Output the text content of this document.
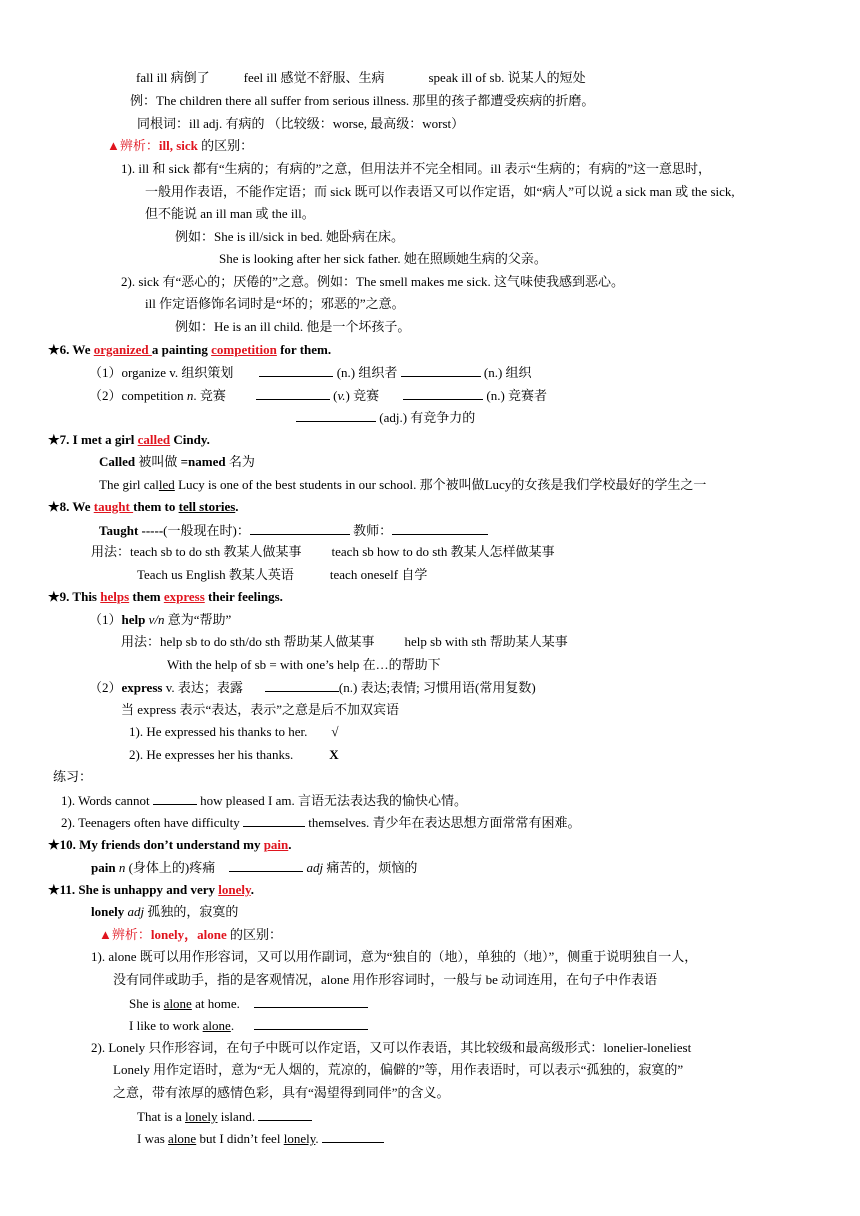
fall ill 病倒了	feel ill 感觉不舒服、生病	speak ill of sb. 说某人的短处
例：The children there all suffer from serious illness. 那里的孩子都遭受疾病的折磨。
同根词：ill adj. 有病的 （比较级：worse, 最高级：worst）
▲辨析：ill, sick 的区别：
1). ill 和 sick 都有“生病的；有病的”之意，但用法并不完全相同。ill 表示“生病的；有病的”这一意思时，
一般用作表语，不能作定语；而 sick 既可以作表语又可以作定语，如“病人”可以说 a sick man 或 the sick,
但不能说 an ill man 或 the ill。
例如：She is ill/sick in bed. 她卧病在床。
She is looking after her sick father. 她在照顾她生病的父亲。
2). sick 有“恶心的；厌倦的”之意。例如：The smell makes me sick. 这气味使我感到恶心。
ill 作定语修饰名词时是“坏的；邪恶的”之意。
例如：He is an ill child. 他是一个坏孩子。
★6. We organized a painting competition for them.
（1）organize v. 组织策划	(n.) 组织者	(n.) 组织
（2）competition n. 竞赛	(v.) 竞赛	(n.) 竞赛者
(adj.) 有竞争力的
★7. I met a girl called Cindy.
Called 被叫做 =named 名为
The girl called Lucy is one of the best students in our school. 那个被叫做Lucy的女孩是我们学校最好的学生之一
★8. We taught them to tell stories.
Taught -----(一般现在时)：	教师：
用法：teach sb to do sth 教某人做某事 teach sb how to do sth 教某人怎样做某事
Teach us English 教某人英语	teach oneself 自学
★9. This helps them express their feelings.
（1）help v/n 意为“帮助”
用法：help sb to do sth/do sth 帮助某人做某事 help sb with sth 帮助某人某事
With the help of sb = with one’s help 在…的帮助下
（2）express v. 表达；表露	(n.) 表达;表情; 习惯用语(常用复数)
当 express 表示“表达，表示”之意是后不加双宾语
1). He expressed his thanks to her. √
2). He expresses her his thanks.	X
练习：
1). Words cannot	how pleased I am. 言语无法表达我的愉快心情。
2). Teenagers often have difficulty	themselves. 青少年在表达思想方面常常有困难。
★10. My friends don’t understand my pain.
pain n (身体上的)疼痛	adj 痛苦的，烦恼的
★11. She is unhappy and very lonely.
lonely adj 孤独的，寂寞的
▲辨析：lonely，alone 的区别：
1). alone 既可以用作形容词，又可以用作副词，意为“独自的（地），单独的（地）”，侧重于说明独自一人，
没有同伴或助手，指的是客观情况，alone 用作形容词时，一般与 be 动词连用，在句子中作表语
She is alone at home.
I like to work alone.
2). Lonely 只作形容词，在句子中既可以作定语，又可以作表语，其比较级和最高级形式：lonelier-loneliest
Lonely 用作定语时，意为“无人烟的，荒凉的，偏僻的”等，用作表语时，可以表示“孤独的，寂寞的”
之意，带有浓厚的感情色彩，具有“渴望得到同伴”的含义。
That is a lonely island.
I was alone but I didn’t feel lonely.
